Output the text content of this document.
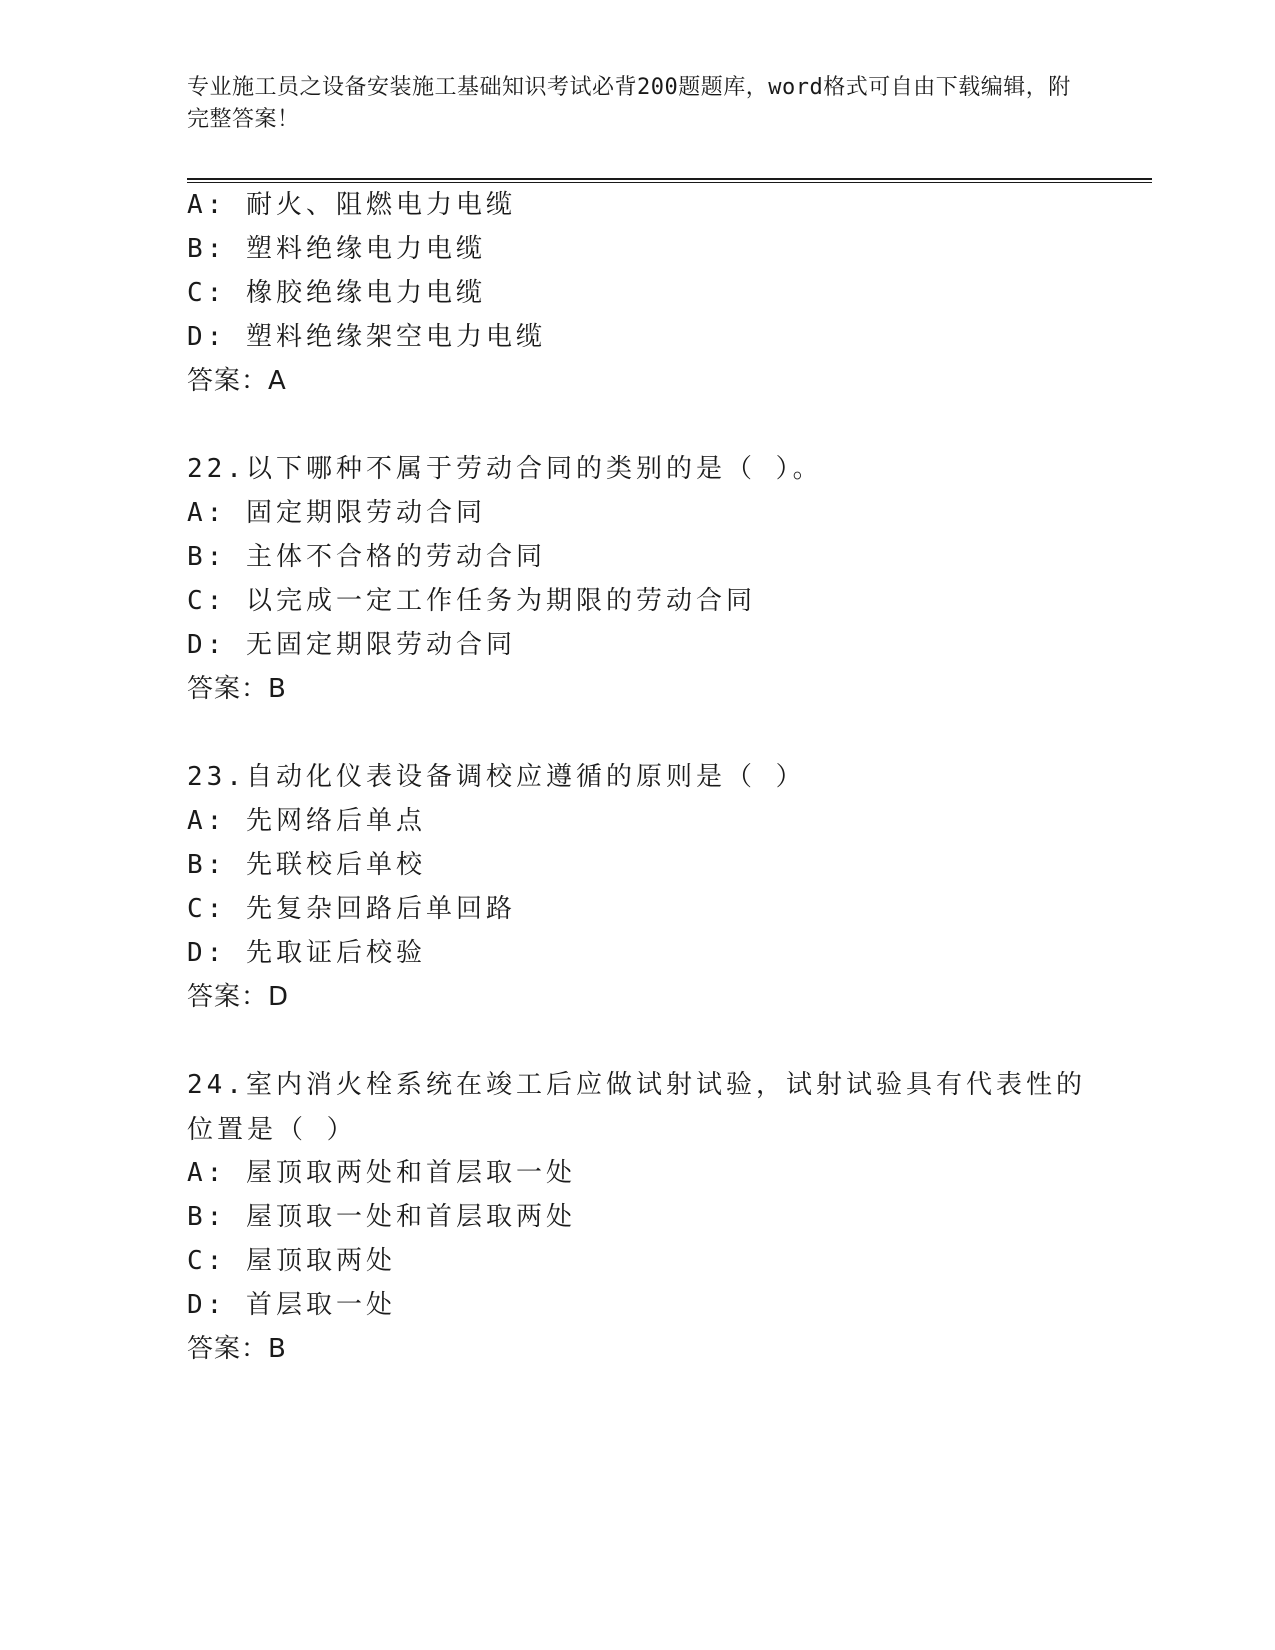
专业施工员之设备安装施工基础知识考试必背200题题库，word格式可自由下载编辑，附完整答案！
A: 耐火、阻燃电力电缆
B: 塑料绝缘电力电缆
C: 橡胶绝缘电力电缆
D: 塑料绝缘架空电力电缆
答案：A
22.以下哪种不属于劳动合同的类别的是（ ）。
A: 固定期限劳动合同
B: 主体不合格的劳动合同
C: 以完成一定工作任务为期限的劳动合同
D: 无固定期限劳动合同
答案：B
23.自动化仪表设备调校应遵循的原则是（ ）
A: 先网络后单点
B: 先联校后单校
C: 先复杂回路后单回路
D: 先取证后校验
答案：D
24.室内消火栓系统在竣工后应做试射试验，试射试验具有代表性的位置是（ ）
A: 屋顶取两处和首层取一处
B: 屋顶取一处和首层取两处
C: 屋顶取两处
D: 首层取一处
答案：B
